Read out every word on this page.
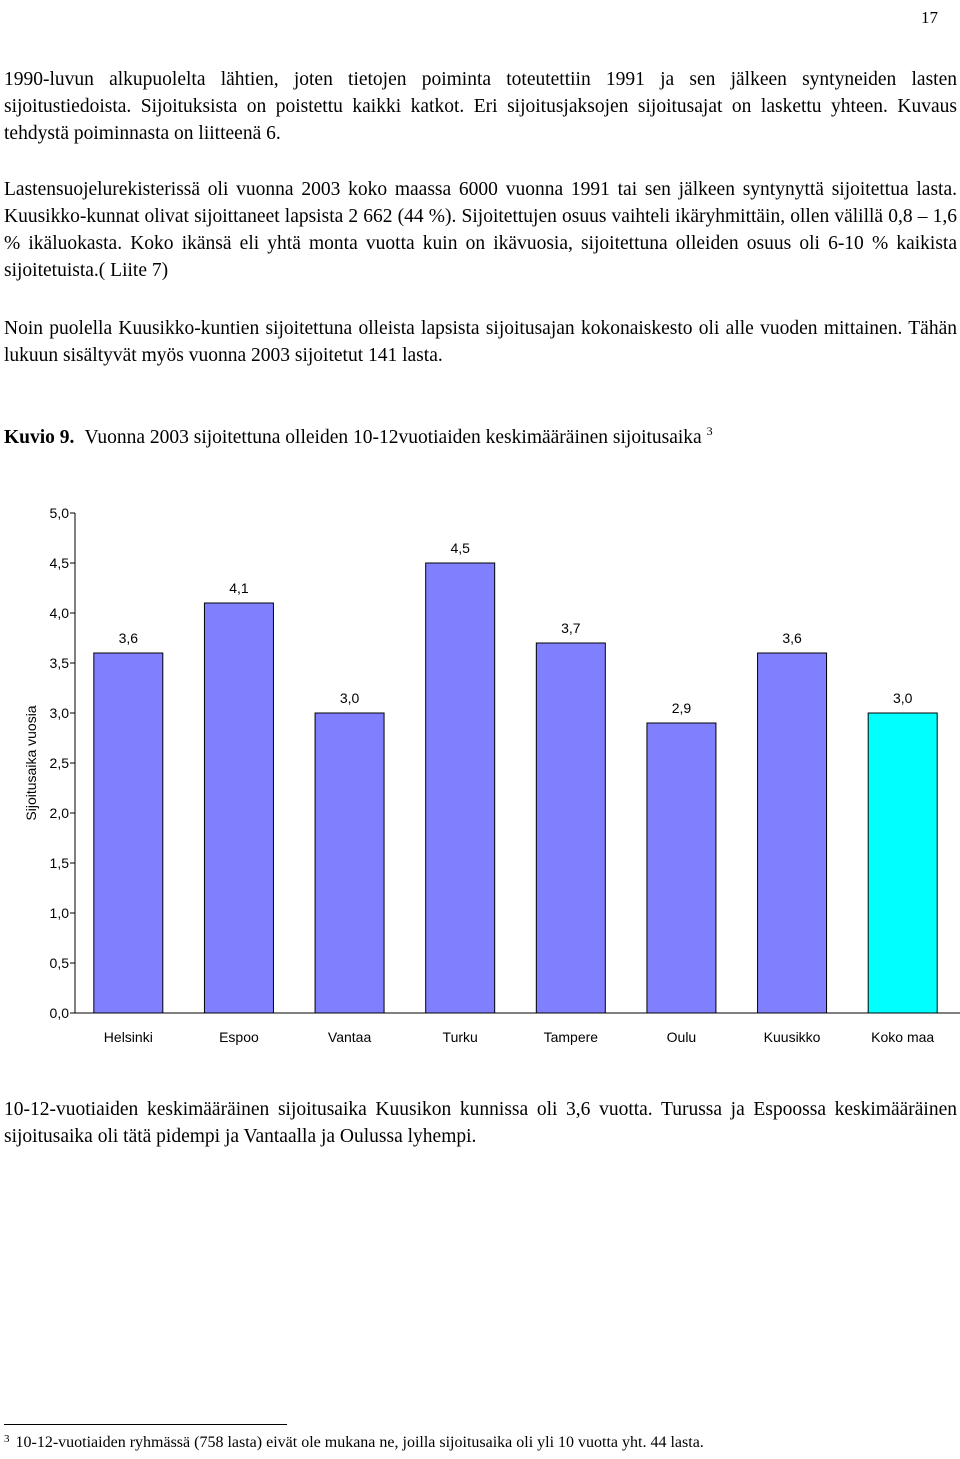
17

1990-luvun alkupuolelta lähtien, joten tietojen poiminta toteutettiin 1991 ja sen jälkeen syntyneiden lasten sijoitustiedoista. Sijoituksista on poistettu kaikki katkot. Eri sijoitusjaksojen sijoitusajat on laskettu yhteen. Kuvaus tehdystä poiminnasta on liitteenä 6.

Lastensuojelurekisterissä oli vuonna 2003 koko maassa 6000 vuonna 1991 tai sen jälkeen syntynyttä sijoitettua lasta. Kuusikko-kunnat olivat sijoittaneet lapsista 2 662 (44 %). Sijoitettujen osuus vaihteli ikäryhmittäin, ollen välillä 0,8 – 1,6 % ikäluokasta. Koko ikänsä eli yhtä monta vuotta kuin on ikävuosia, sijoitettuna olleiden osuus oli 6-10 % kaikista sijoitetuista.( Liite 7)

Noin puolella Kuusikko-kuntien sijoitettuna olleista lapsista sijoitusajan kokonaiskesto oli alle vuoden mittainen. Tähän lukuun sisältyvät myös vuonna 2003 sijoitetut 141 lasta.

Kuvio 9. Vuonna 2003 sijoitettuna olleiden 10-12vuotiaiden keskimääräinen sijoitusaika $^3$
0,0
0,5
1,0
1,5
2,0
2,5
3,0
3,5
4,0
4,5
5,0
Sijoitusaika vuosia
3,6
Helsinki
4,1
Espoo
3,0
Vantaa
4,5
Turku
3,7
Tampere
2,9
Oulu
3,6
Kuusikko
3,0
Koko maa

10-12-vuotiaiden keskimääräinen sijoitusaika Kuusikon kunnissa oli 3,6 vuotta. Turussa ja Espoossa keskimääräinen sijoitusaika oli tätä pidempi ja Vantaalla ja Oulussa lyhempi.

$^3$ 10-12-vuotiaiden ryhmässä (758 lasta) eivät ole mukana ne, joilla sijoitusaika oli yli 10 vuotta yht. 44 lasta.
